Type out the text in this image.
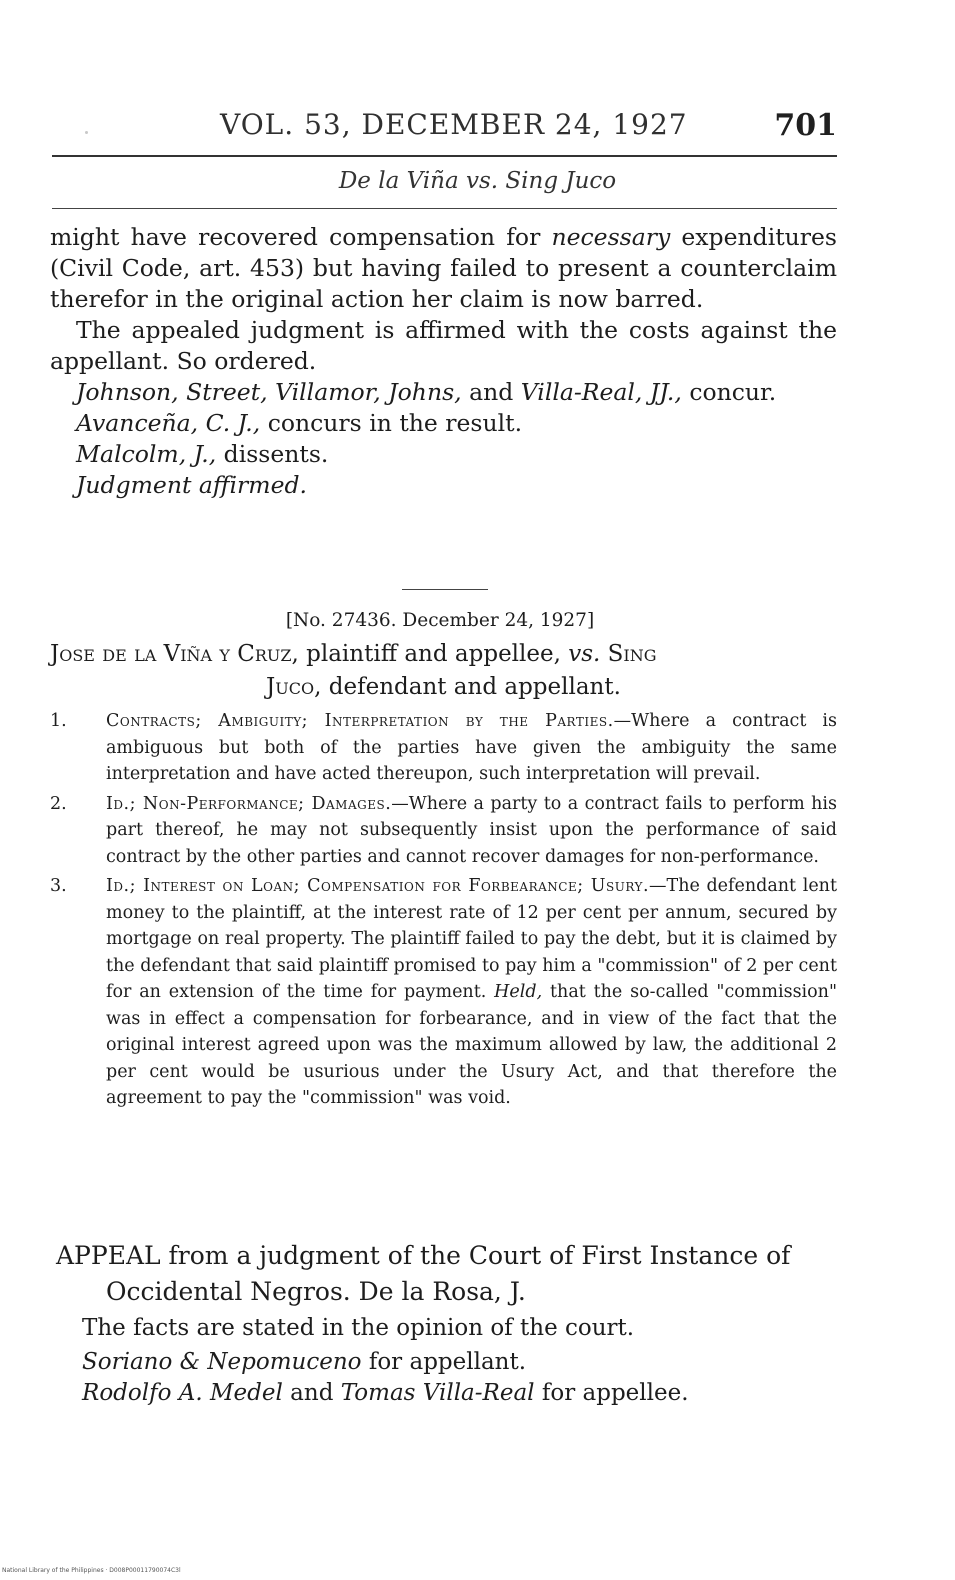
VOL. 53, DECEMBER 24, 1927	701
De la Viña vs. Sing Juco

might have recovered compensation for necessary expenditures (Civil Code, art. 453) but having failed to present a counterclaim therefor in the original action her claim is now barred.

The appealed judgment is affirmed with the costs against the appellant. So ordered.

Johnson, Street, Villamor, Johns, and Villa-Real, JJ., concur.

Avanceña, C. J., concurs in the result.

Malcolm, J., dissents.

Judgment affirmed.

[No. 27436. December 24, 1927]
Jose de la Viña y Cruz, plaintiff and appellee, vs. Sing
Juco, defendant and appellant.
1. Contracts; Ambiguity; Interpretation by the Parties.—Where a contract is ambiguous but both of the parties have given the ambiguity the same interpretation and have acted thereupon, such interpretation will prevail.
2. Id.; Non-Performance; Damages.—Where a party to a contract fails to perform his part thereof, he may not subsequently insist upon the performance of said contract by the other parties and cannot recover damages for non-performance.
3. Id.; Interest on Loan; Compensation for Forbearance; Usury.—The defendant lent money to the plaintiff, at the interest rate of 12 per cent per annum, secured by mortgage on real property. The plaintiff failed to pay the debt, but it is claimed by the defendant that said plaintiff promised to pay him a "commission" of 2 per cent for an extension of the time for payment. Held, that the so-called "commission" was in effect a compensation for forbearance, and in view of the fact that the original interest agreed upon was the maximum allowed by law, the additional 2 per cent would be usurious under the Usury Act, and that therefore the agreement to pay the "commission" was void.
APPEAL from a judgment of the Court of First Instance of
Occidental Negros. De la Rosa, J.
The facts are stated in the opinion of the court.
Soriano & Nepomuceno for appellant.
Rodolfo A. Medel and Tomas Villa-Real for appellee.
National Library of the Philippines · D008P00011790074C3l
